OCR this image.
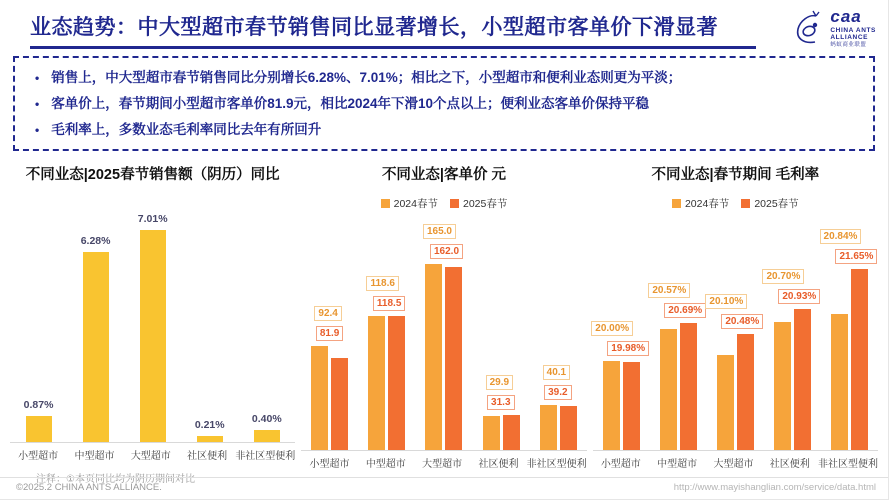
业态趋势：中大型超市春节销售同比显著增长，小型超市客单价下滑显著	caa
CHINA ANTS
ALLIANCE
蚂蚁商业联盟
• 销售上，中大型超市春节销售同比分别增长6.28%、7.01%；相比之下，小型超市和便利业态则更为平淡；
• 客单价上，春节期间小型超市客单价81.9元，相比2024年下滑10个点以上；便利业态客单价保持平稳
• 毛利率上，多数业态毛利率同比去年有所回升
不同业态|2025春节销售额（阴历）同比
0.87%
6.28%
7.01%
0.21%	0.40%
小型超市	中型超市	大型超市	社区便利 非社区型便利
注释：①本页同比均为阴历期间对比
不同业态|客单价 元
2024春节 2025春节
92.4
81.9
118.6
118.5
165.0
162.0
29.9
31.3
40.1
39.2
小型超市	中型超市	大型超市	社区便利 非社区型便利
不同业态|春节期间 毛利率
2024春节 2025春节
20.00%
19.98%
20.57%
20.69%
20.10%
20.48%
20.70%
20.93%
20.84%
21.65%
小型超市	中型超市	大型超市	社区便利 非社区型便利
©2025.2 CHINA ANTS ALLIANCE.	http://www.mayishanglian.com/service/data.html
